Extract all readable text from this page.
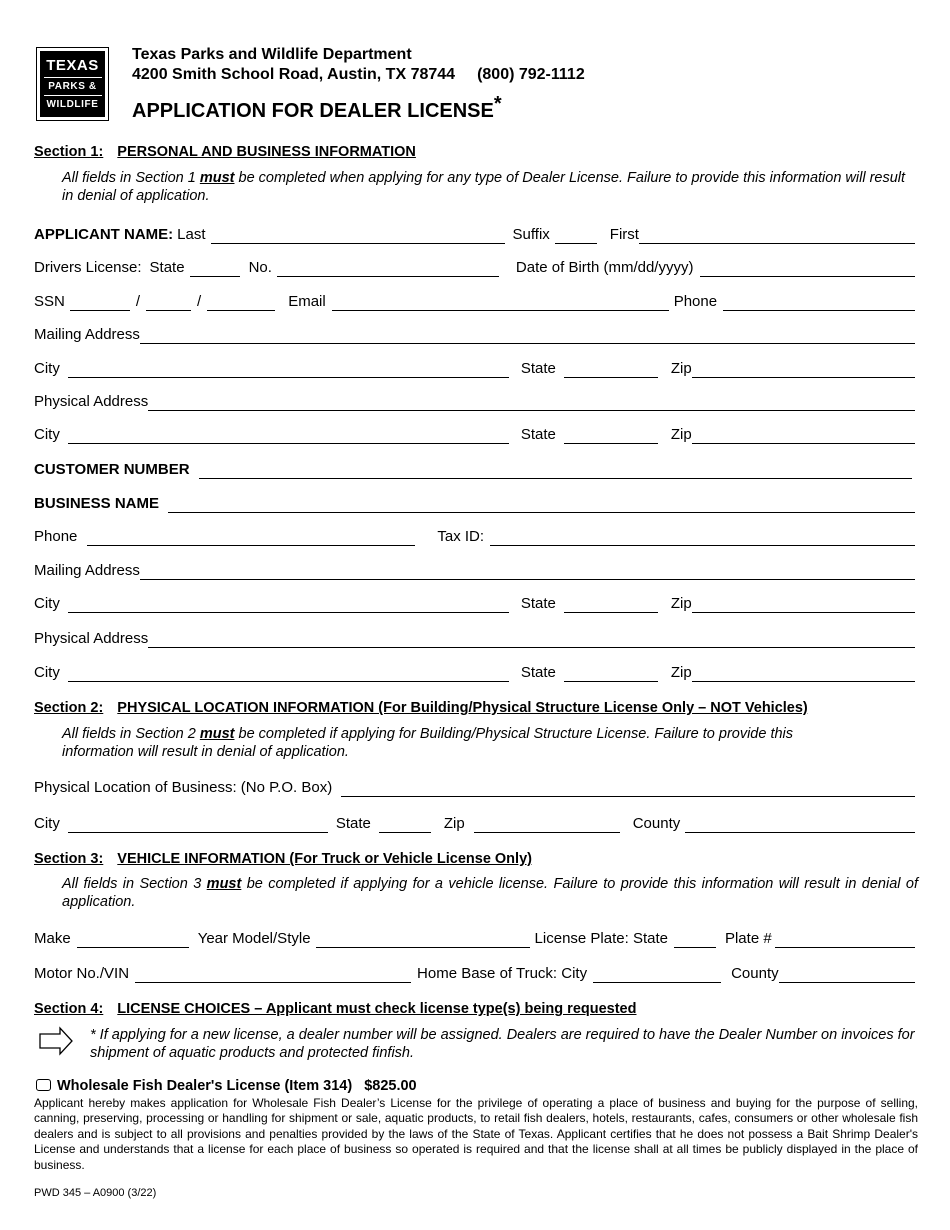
TEXAS
PARKS &
WILDLIFE
Texas Parks and Wildlife Department
4200 Smith School Road, Austin, TX 78744 (800) 792-1112
APPLICATION FOR DEALER LICENSE*
Section 1: PERSONAL AND BUSINESS INFORMATION
All fields in Section 1 must be completed when applying for any type of Dealer License. Failure to provide this information will result in denial of application.
APPLICANT NAME: Last	Suffix	First
Drivers License: State	No.	Date of Birth (mm/dd/yyyy)
SSN	/	/	Email	Phone
Mailing Address
City	State	Zip
Physical Address
City	State	Zip
CUSTOMER NUMBER
BUSINESS NAME
Phone	Tax ID:
Mailing Address
City	State	Zip
Physical Address
City	State	Zip
Section 2: PHYSICAL LOCATION INFORMATION (For Building/Physical Structure License Only – NOT Vehicles)
All fields in Section 2 must be completed if applying for Building/Physical Structure License. Failure to provide this information will result in denial of application.
Physical Location of Business: (No P.O. Box)
City	State	Zip	County
Section 3: VEHICLE INFORMATION (For Truck or Vehicle License Only)
All fields in Section 3 must be completed if applying for a vehicle license. Failure to provide this information will result in denial of application.
Make	Year Model/Style	License Plate: State	Plate #
Motor No./VIN	Home Base of Truck: City	County
Section 4: LICENSE CHOICES – Applicant must check license type(s) being requested
* If applying for a new license, a dealer number will be assigned. Dealers are required to have the Dealer Number on invoices for shipment of aquatic products and protected finfish.
Wholesale Fish Dealer's License (Item 314) $825.00
Applicant hereby makes application for Wholesale Fish Dealer’s License for the privilege of operating a place of business and buying for the purpose of selling, canning, preserving, processing or handling for shipment or sale, aquatic products, to retail fish dealers, hotels, restaurants, cafes, consumers or other wholesale fish dealers and is subject to all provisions and penalties provided by the laws of the State of Texas. Applicant certifies that he does not possess a Bait Shrimp Dealer's License and understands that a license for each place of business so operated is required and that the license shall at all times be publicly displayed in the place of business.
PWD 345 – A0900 (3/22)
